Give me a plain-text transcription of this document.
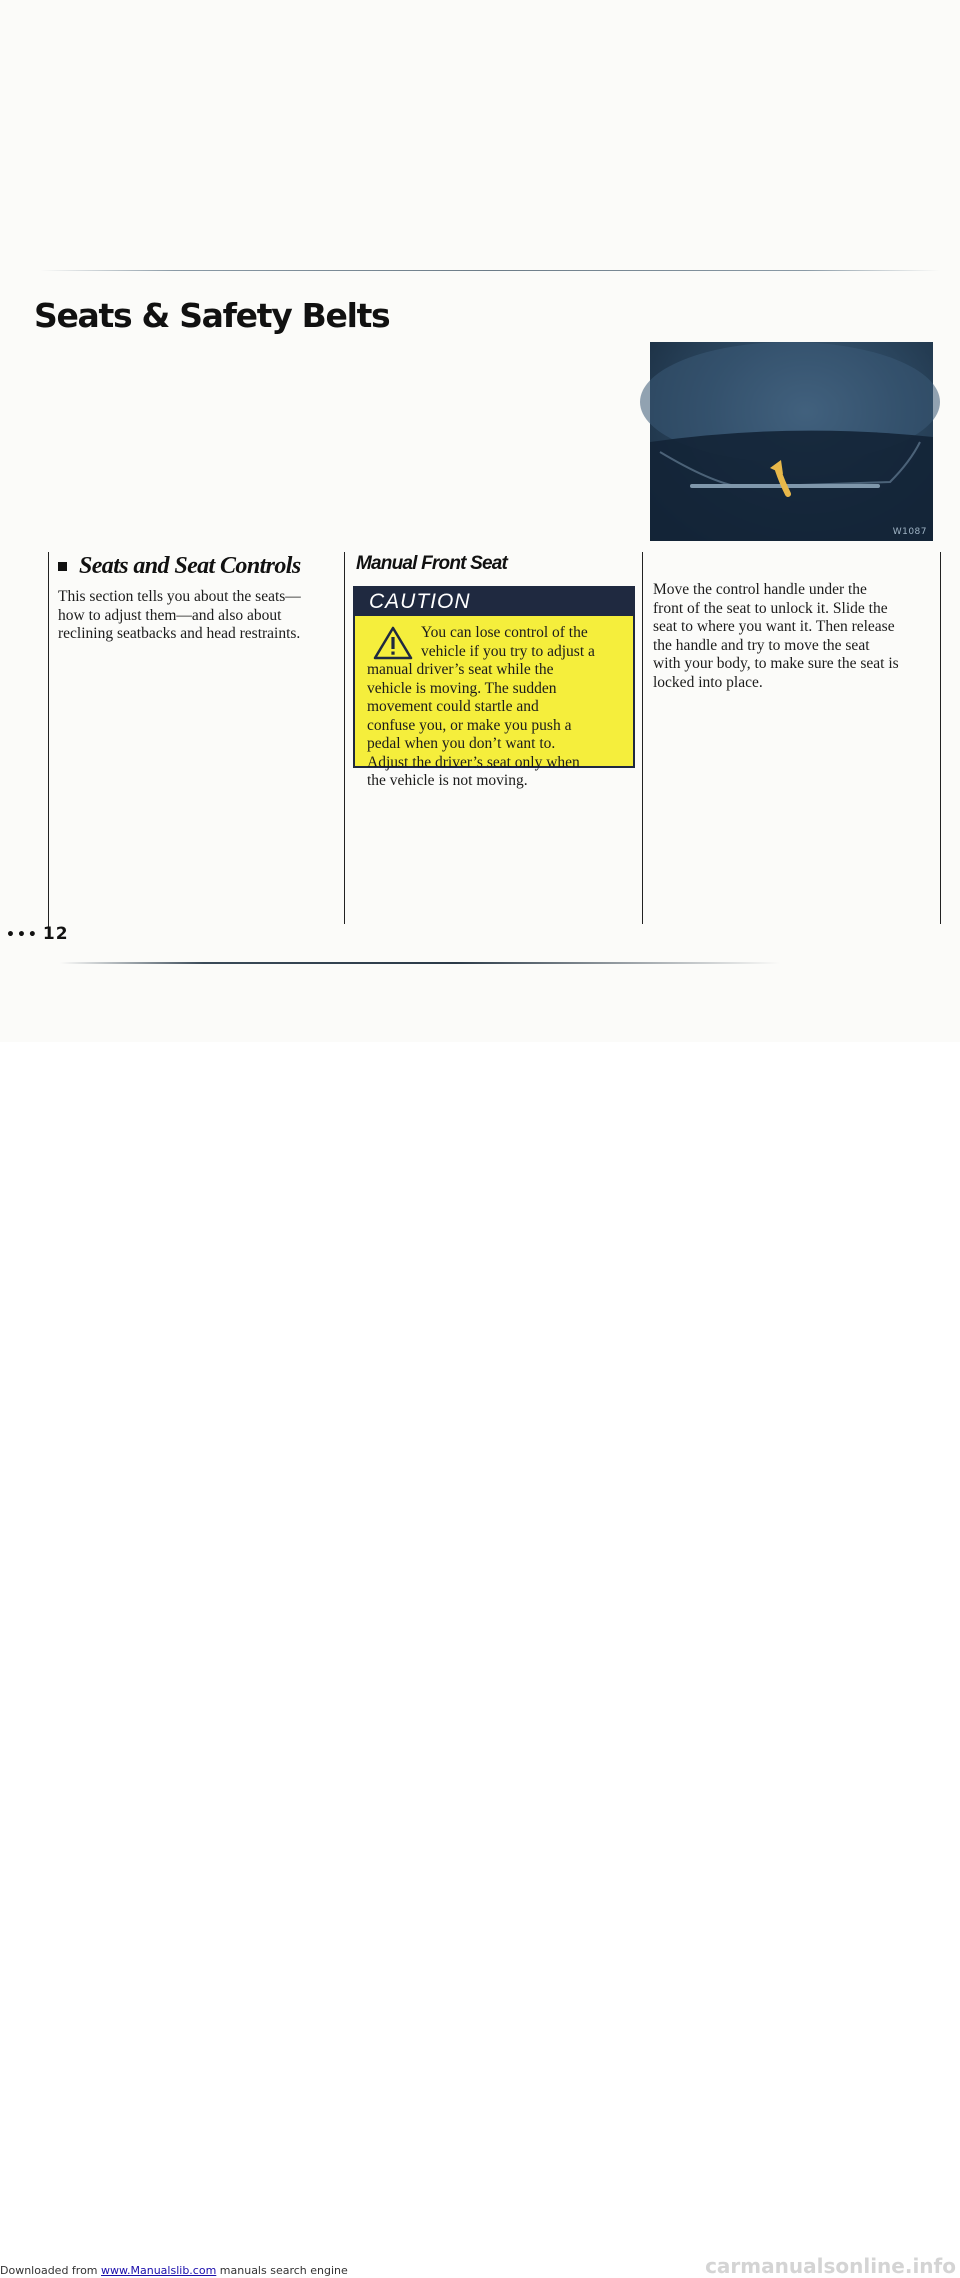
Seats & Safety Belts
W1087
Seats and Seat Controls
This section tells you about the seats—
how to adjust them—and also about
reclining seatbacks and head restraints.
Manual Front Seat
CAUTION
You can lose control of the
vehicle if you try to adjust a
manual driver’s seat while the
vehicle is moving. The sudden
movement could startle and
confuse you, or make you push a
pedal when you don’t want to.
Adjust the driver’s seat only when
the vehicle is not moving.
Move the control handle under the
front of the seat to unlock it. Slide the
seat to where you want it. Then release
the handle and try to move the seat
with your body, to make sure the seat is
locked into place.
••• 12
Downloaded from www.Manualslib.com manuals search engine	carmanualsonline.info
